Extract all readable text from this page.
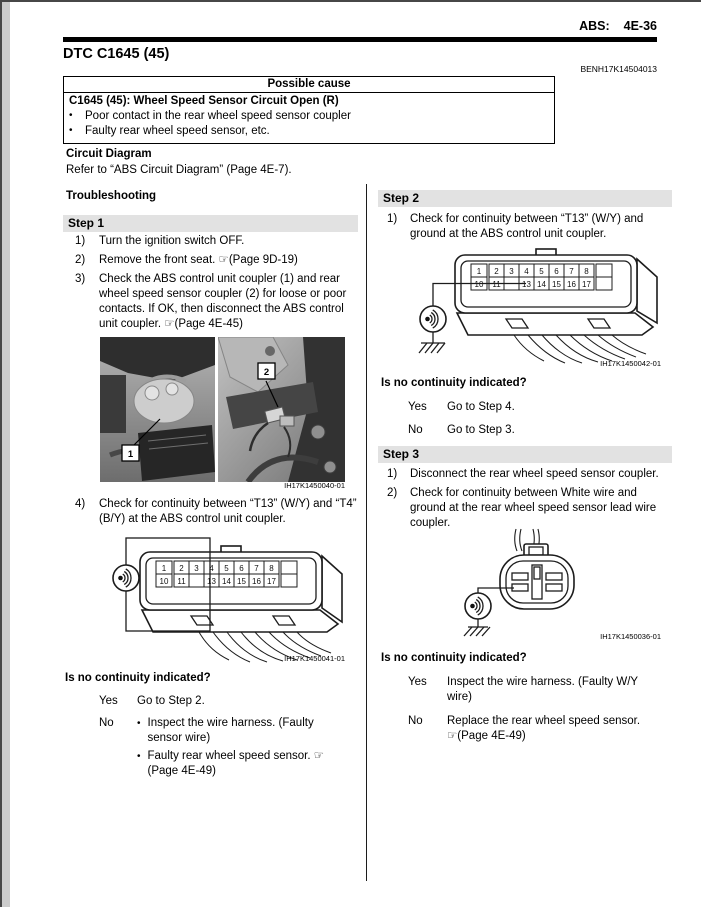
ABS: 4E-36
DTC C1645 (45)
BENH17K14504013
Possible cause
C1645 (45): Wheel Speed Sensor Circuit Open (R)
•	Poor contact in the rear wheel speed sensor coupler
•	Faulty rear wheel speed sensor, etc.
Circuit Diagram
Refer to “ABS Circuit Diagram” (Page 4E-7).
Troubleshooting
Step 1
1)	Turn the ignition switch OFF.
2)	Remove the front seat. ☞(Page 9D-19)
3)	Check the ABS control unit coupler (1) and rear wheel speed sensor coupler (2) for loose or poor contacts. If OK, then disconnect the ABS control unit coupler. ☞(Page 4E-45)
1
2
IH17K1450040-01
4)	Check for continuity between “T13” (W/Y) and “T4” (B/Y) at the ABS control unit coupler.
1 2 3 4 5 6 7 8
10 11	13 14 15 16 17
IH17K1450041-01
Is no continuity indicated?
Yes	Go to Step 2.
No	• Inspect the wire harness. (Faulty sensor wire)
• Faulty rear wheel speed sensor. ☞(Page 4E-49)
Step 2
1)	Check for continuity between “T13” (W/Y) and ground at the ABS control unit coupler.
1 2 3 4 5 6 7 8
10 11	13 14 15 16 17
IH17K1450042-01
Is no continuity indicated?
Yes	Go to Step 4.
No	Go to Step 3.
Step 3
1)	Disconnect the rear wheel speed sensor coupler.
2)	Check for continuity between White wire and ground at the rear wheel speed sensor lead wire coupler.
IH17K1450036-01
Is no continuity indicated?
Yes	Inspect the wire harness. (Faulty W/Y wire)
No	Replace the rear wheel speed sensor. ☞(Page 4E-49)
